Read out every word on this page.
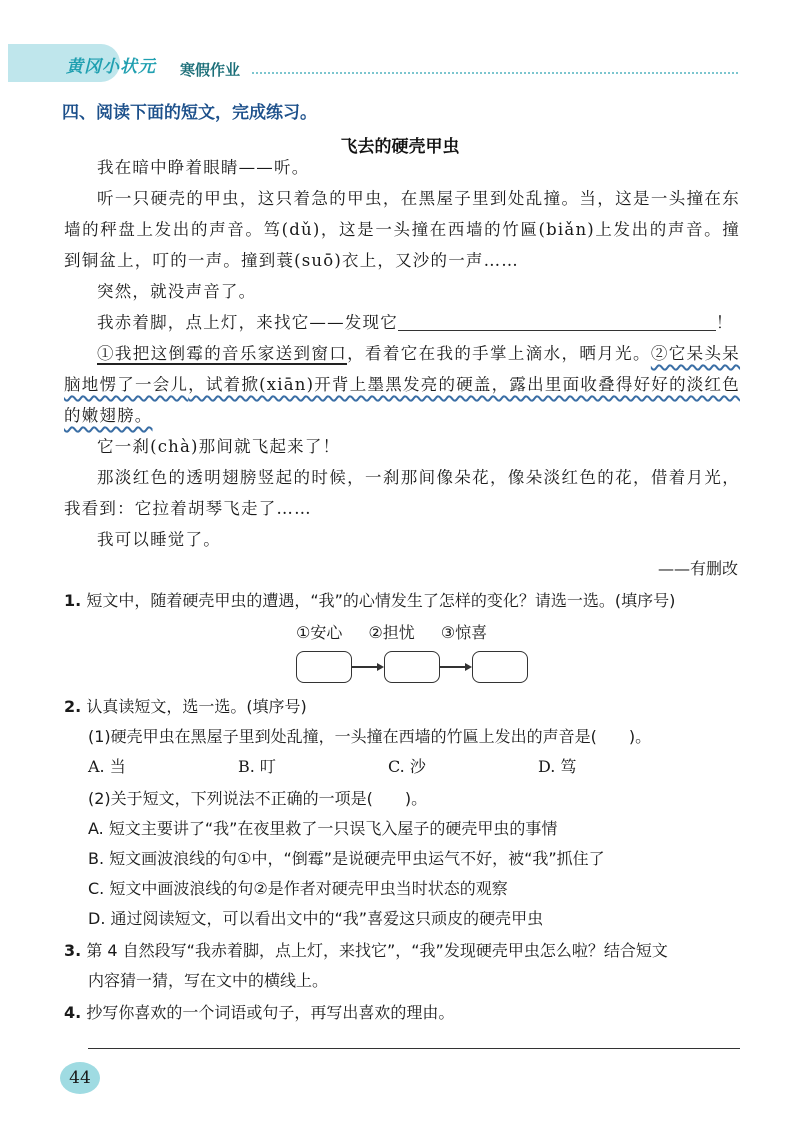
黄冈小状元 寒假作业
四、阅读下面的短文，完成练习。
飞去的硬壳甲虫

我在暗中睁着眼睛——听。

听一只硬壳的甲虫，这只着急的甲虫，在黑屋子里到处乱撞。当，这是一头撞在东墙的秤盘上发出的声音。笃(dǔ)，这是一头撞在西墙的竹匾(biǎn)上发出的声音。撞到铜盆上，叮的一声。撞到蓑(suō)衣上，又沙的一声……

突然，就没声音了。

我赤着脚，点上灯，来找它——发现它	！

①我把这倒霉的音乐家送到窗口，看着它在我的手掌上滴水，晒月光。②它呆头呆脑地愣了一会儿，试着掀(xiān)开背上墨黑发亮的硬盖，露出里面收叠得好好的淡红色的嫩翅膀。

它一刹(chà)那间就飞起来了！

那淡红色的透明翅膀竖起的时候，一刹那间像朵花，像朵淡红色的花，借着月光，我看到：它拉着胡琴飞走了……

我可以睡觉了。

——有删改
1. 短文中，随着硬壳甲虫的遭遇，“我”的心情发生了怎样的变化？请选一选。(填序号)
①安心 ②担忧 ③惊喜
2. 认真读短文，选一选。(填序号)
(1)硬壳甲虫在黑屋子里到处乱撞，一头撞在西墙的竹匾上发出的声音是(　　)。
A. 当	B. 叮	C. 沙	D. 笃
(2)关于短文，下列说法不正确的一项是(　　)。
A. 短文主要讲了“我”在夜里救了一只误飞入屋子的硬壳甲虫的事情
B. 短文画波浪线的句①中，“倒霉”是说硬壳甲虫运气不好，被“我”抓住了
C. 短文中画波浪线的句②是作者对硬壳甲虫当时状态的观察
D. 通过阅读短文，可以看出文中的“我”喜爱这只顽皮的硬壳甲虫
3. 第 4 自然段写“我赤着脚，点上灯，来找它”，“我”发现硬壳甲虫怎么啦？结合短文
内容猜一猜，写在文中的横线上。
4. 抄写你喜欢的一个词语或句子，再写出喜欢的理由。
44
